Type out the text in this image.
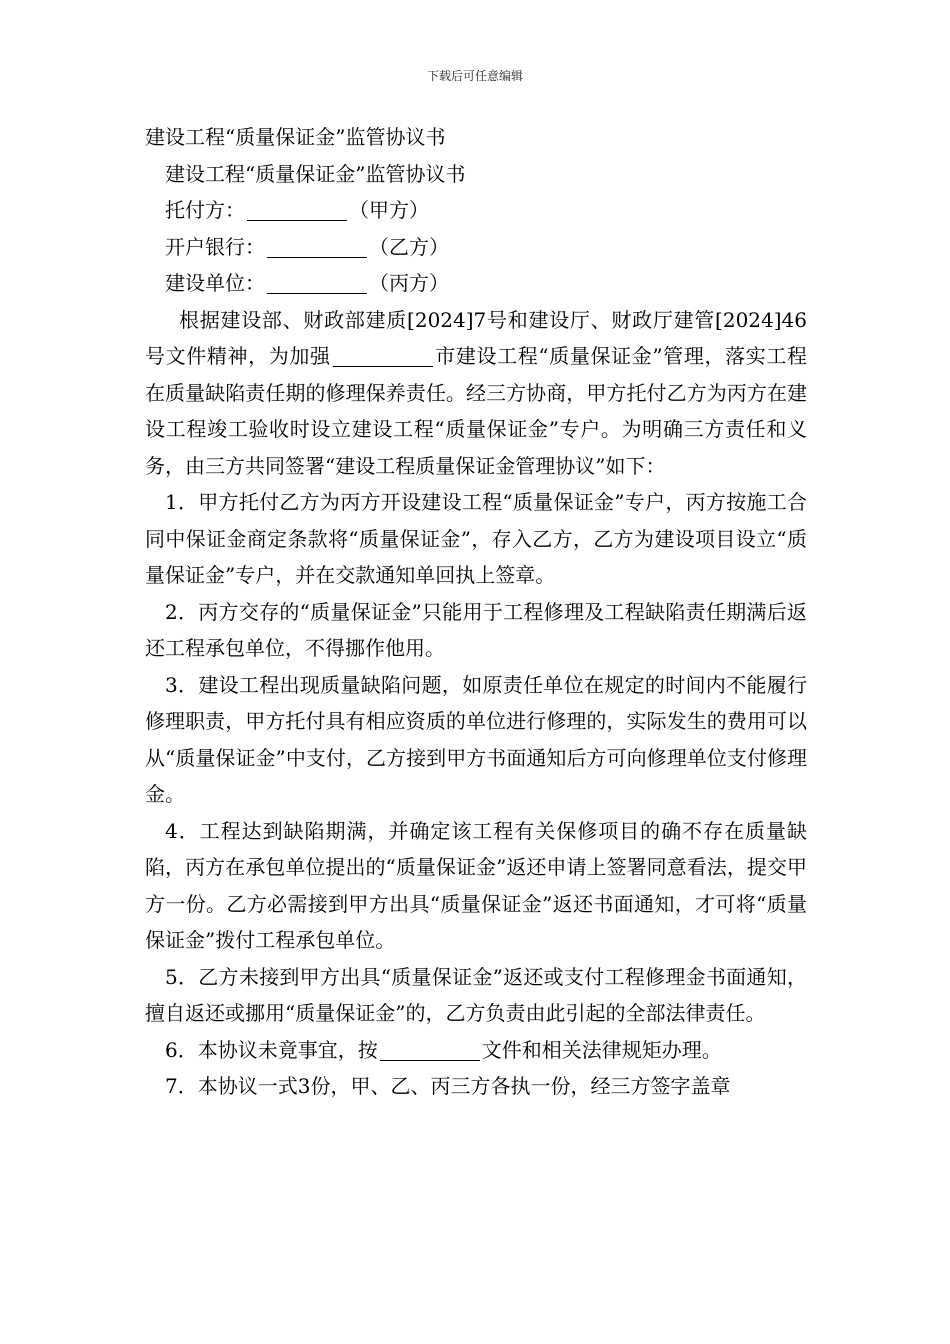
下载后可任意编辑
建设工程“质量保证金”监管协议书
建设工程“质量保证金”监管协议书
托付方：	（甲方）
开户银行：	（乙方）
建设单位：	（丙方）
根据建设部、财政部建质[2024]7号和建设厅、财政厅建管[2024]46号文件精神，为加强	市建设工程“质量保证金”管理，落实工程在质量缺陷责任期的修理保养责任。经三方协商，甲方托付乙方为丙方在建设工程竣工验收时设立建设工程“质量保证金”专户。为明确三方责任和义务，由三方共同签署“建设工程质量保证金管理协议”如下：
1．甲方托付乙方为丙方开设建设工程“质量保证金”专户，丙方按施工合同中保证金商定条款将“质量保证金”，存入乙方，乙方为建设项目设立“质量保证金”专户，并在交款通知单回执上签章。
2．丙方交存的“质量保证金”只能用于工程修理及工程缺陷责任期满后返还工程承包单位，不得挪作他用。
3．建设工程出现质量缺陷问题，如原责任单位在规定的时间内不能履行修理职责，甲方托付具有相应资质的单位进行修理的，实际发生的费用可以从“质量保证金”中支付，乙方接到甲方书面通知后方可向修理单位支付修理金。
4．工程达到缺陷期满，并确定该工程有关保修项目的确不存在质量缺陷，丙方在承包单位提出的“质量保证金”返还申请上签署同意看法，提交甲方一份。乙方必需接到甲方出具“质量保证金”返还书面通知，才可将“质量保证金”拨付工程承包单位。
5．乙方未接到甲方出具“质量保证金”返还或支付工程修理金书面通知，擅自返还或挪用“质量保证金”的，乙方负责由此引起的全部法律责任。
6．本协议未竟事宜，按	文件和相关法律规矩办理。
7．本协议一式3份，甲、乙、丙三方各执一份，经三方签字盖章
